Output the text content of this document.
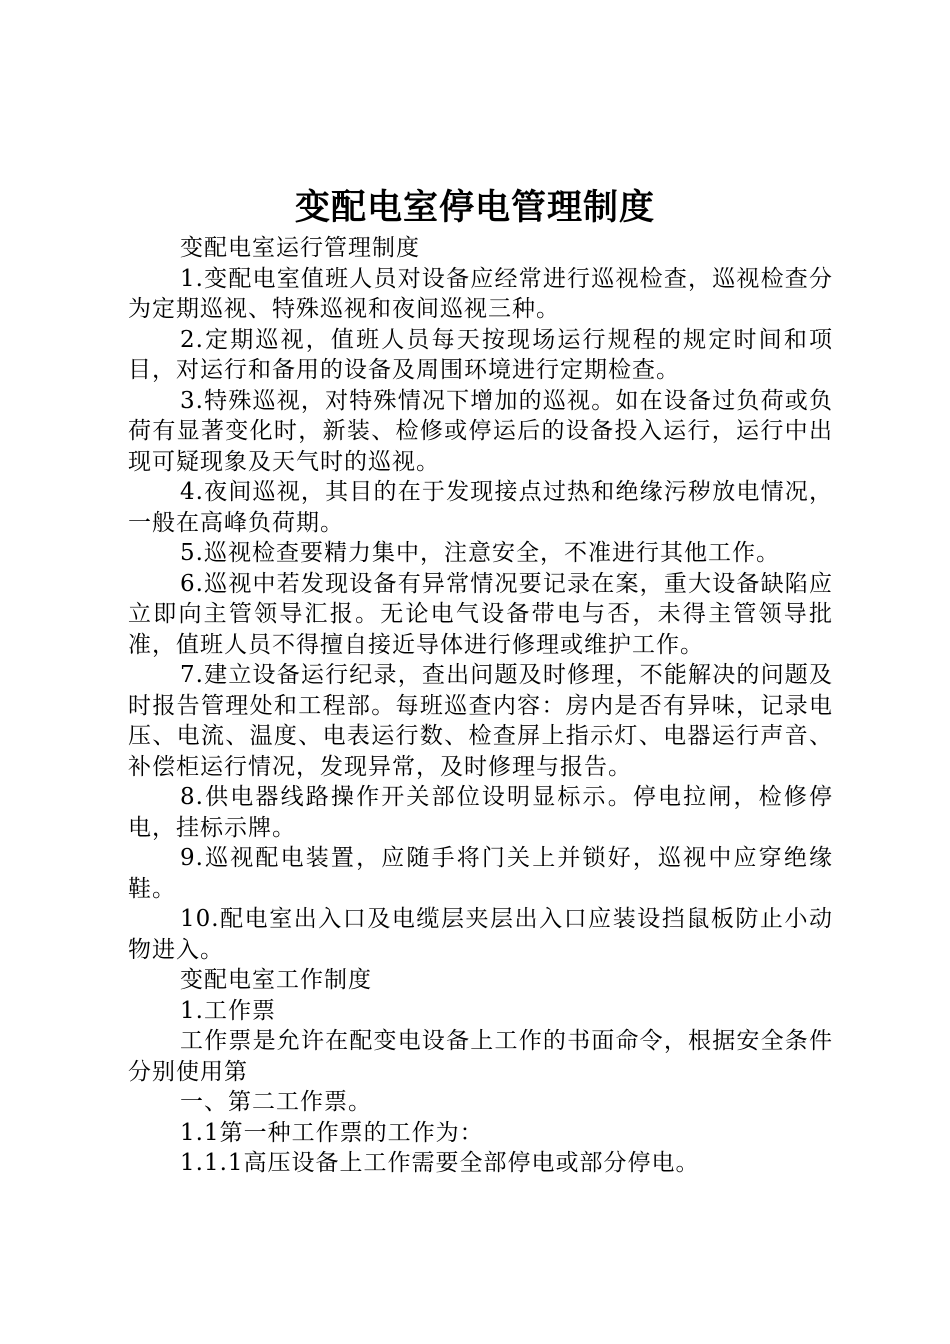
变配电室停电管理制度

变配电室运行管理制度

1.变配电室值班人员对设备应经常进行巡视检查，巡视检查分为定期巡视、特殊巡视和夜间巡视三种。

2.定期巡视，值班人员每天按现场运行规程的规定时间和项目，对运行和备用的设备及周围环境进行定期检查。

3.特殊巡视，对特殊情况下增加的巡视。如在设备过负荷或负荷有显著变化时，新装、检修或停运后的设备投入运行，运行中出现可疑现象及天气时的巡视。

4.夜间巡视，其目的在于发现接点过热和绝缘污秽放电情况，一般在高峰负荷期。

5.巡视检查要精力集中，注意安全，不准进行其他工作。

6.巡视中若发现设备有异常情况要记录在案，重大设备缺陷应立即向主管领导汇报。无论电气设备带电与否，未得主管领导批准，值班人员不得擅自接近导体进行修理或维护工作。

7.建立设备运行纪录，查出问题及时修理，不能解决的问题及时报告管理处和工程部。每班巡查内容：房内是否有异味，记录电压、电流、温度、电表运行数、检查屏上指示灯、电器运行声音、补偿柜运行情况，发现异常，及时修理与报告。

8.供电器线路操作开关部位设明显标示。停电拉闸，检修停电，挂标示牌。

9.巡视配电装置，应随手将门关上并锁好，巡视中应穿绝缘鞋。

10.配电室出入口及电缆层夹层出入口应装设挡鼠板防止小动物进入。

变配电室工作制度

1.工作票

工作票是允许在配变电设备上工作的书面命令，根据安全条件分别使用第

一、第二工作票。

1.1第一种工作票的工作为：

1.1.1高压设备上工作需要全部停电或部分停电。
